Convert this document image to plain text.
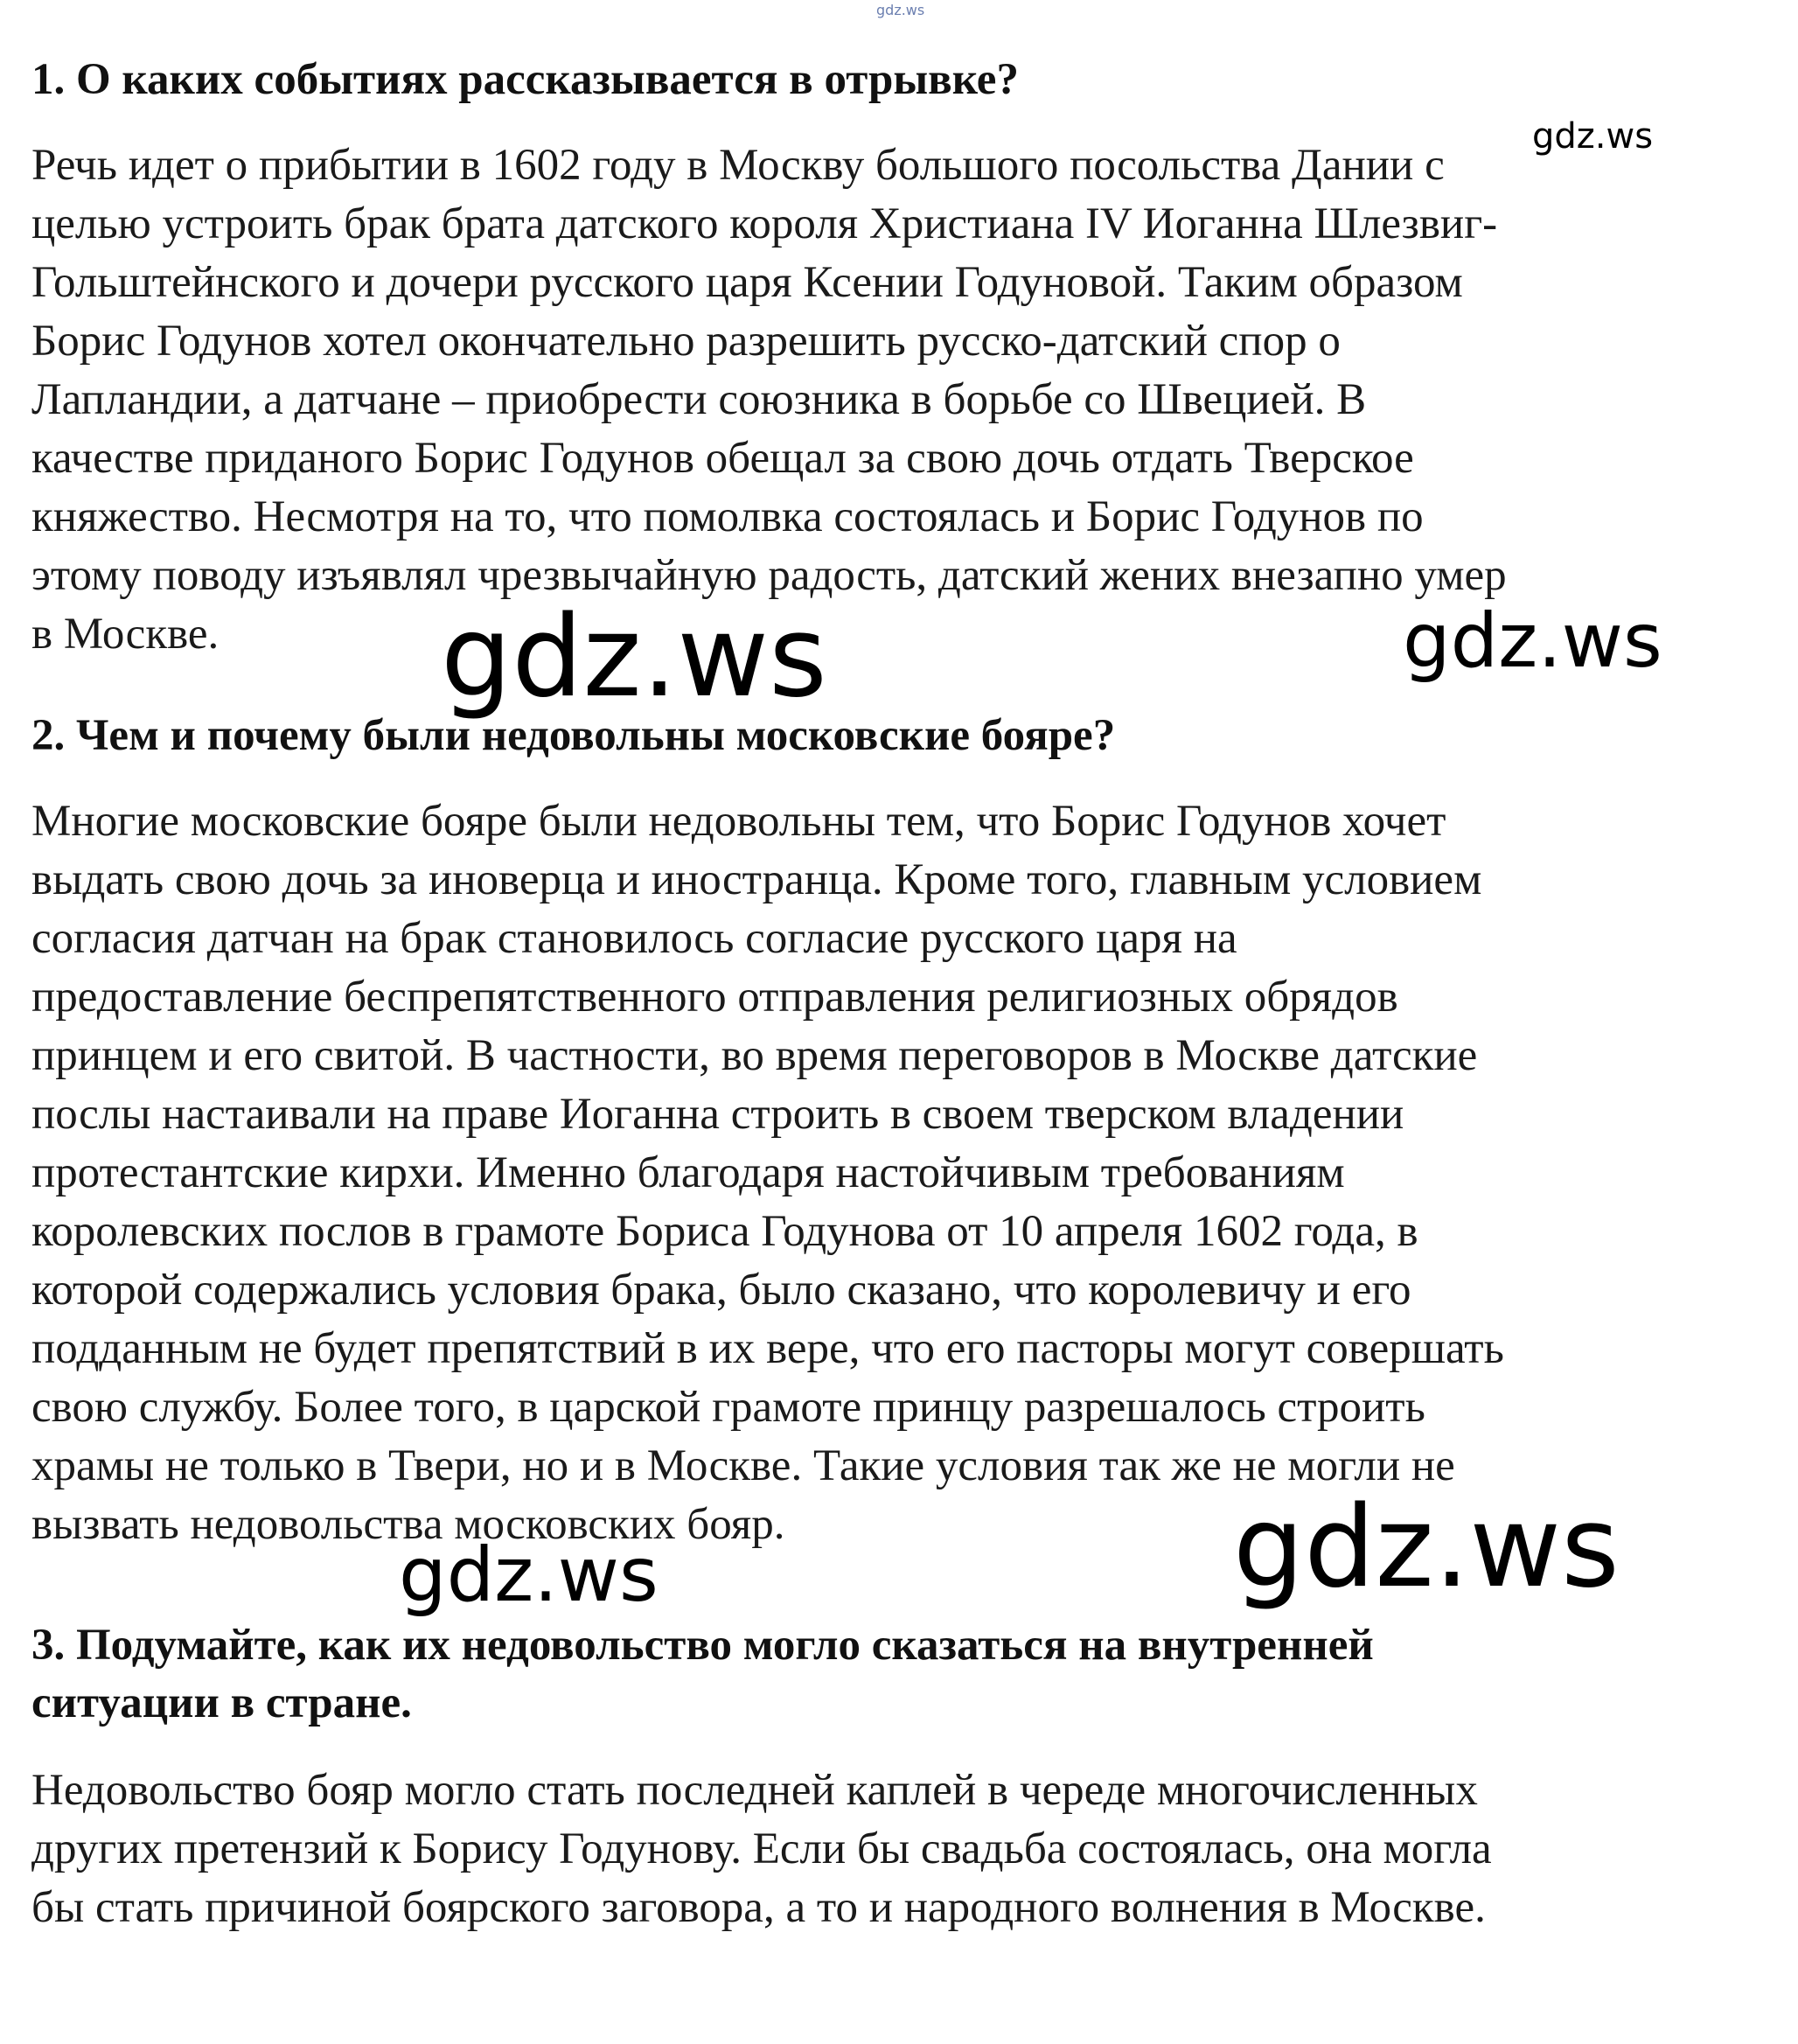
gdz.ws
1. О каких событиях рассказывается в отрывке?
gdz.ws

Речь идет о прибытии в 1602 году в Москву большого посольства Дании с
целью устроить брак брата датского короля Христиана IV Иоганна Шлезвиг-
Гольштейнского и дочери русского царя Ксении Годуновой. Таким образом
Борис Годунов хотел окончательно разрешить русско-датский спор о
Лапландии, а датчане – приобрести союзника в борьбе со Швецией. В
качестве приданого Борис Годунов обещал за свою дочь отдать Тверское
княжество. Несмотря на то, что помолвка состоялась и Борис Годунов по
этому поводу изъявлял чрезвычайную радость, датский жених внезапно умер
в Москве.	gdz.ws	gdz.ws
2. Чем и почему были недовольны московские бояре?

Многие московские бояре были недовольны тем, что Борис Годунов хочет
выдать свою дочь за иноверца и иностранца. Кроме того, главным условием
согласия датчан на брак становилось согласие русского царя на
предоставление беспрепятственного отправления религиозных обрядов
принцем и его свитой. В частности, во время переговоров в Москве датские
послы настаивали на праве Иоганна строить в своем тверском владении
протестантские кирхи. Именно благодаря настойчивым требованиям
королевских послов в грамоте Бориса Годунова от 10 апреля 1602 года, в
которой содержались условия брака, было сказано, что королевичу и его
подданным не будет препятствий в их вере, что его пасторы могут совершать
свою службу. Более того, в царской грамоте принцу разрешалось строить
храмы не только в Твери, но и в Москве. Такие условия так же не могли не
вызвать недовольства московских бояр.	gdz.ws
gdz.ws
3. Подумайте, как их недовольство могло сказаться на внутренней
ситуации в стране.

Недовольство бояр могло стать последней каплей в череде многочисленных
других претензий к Борису Годунову. Если бы свадьба состоялась, она могла
бы стать причиной боярского заговора, а то и народного волнения в Москве.
